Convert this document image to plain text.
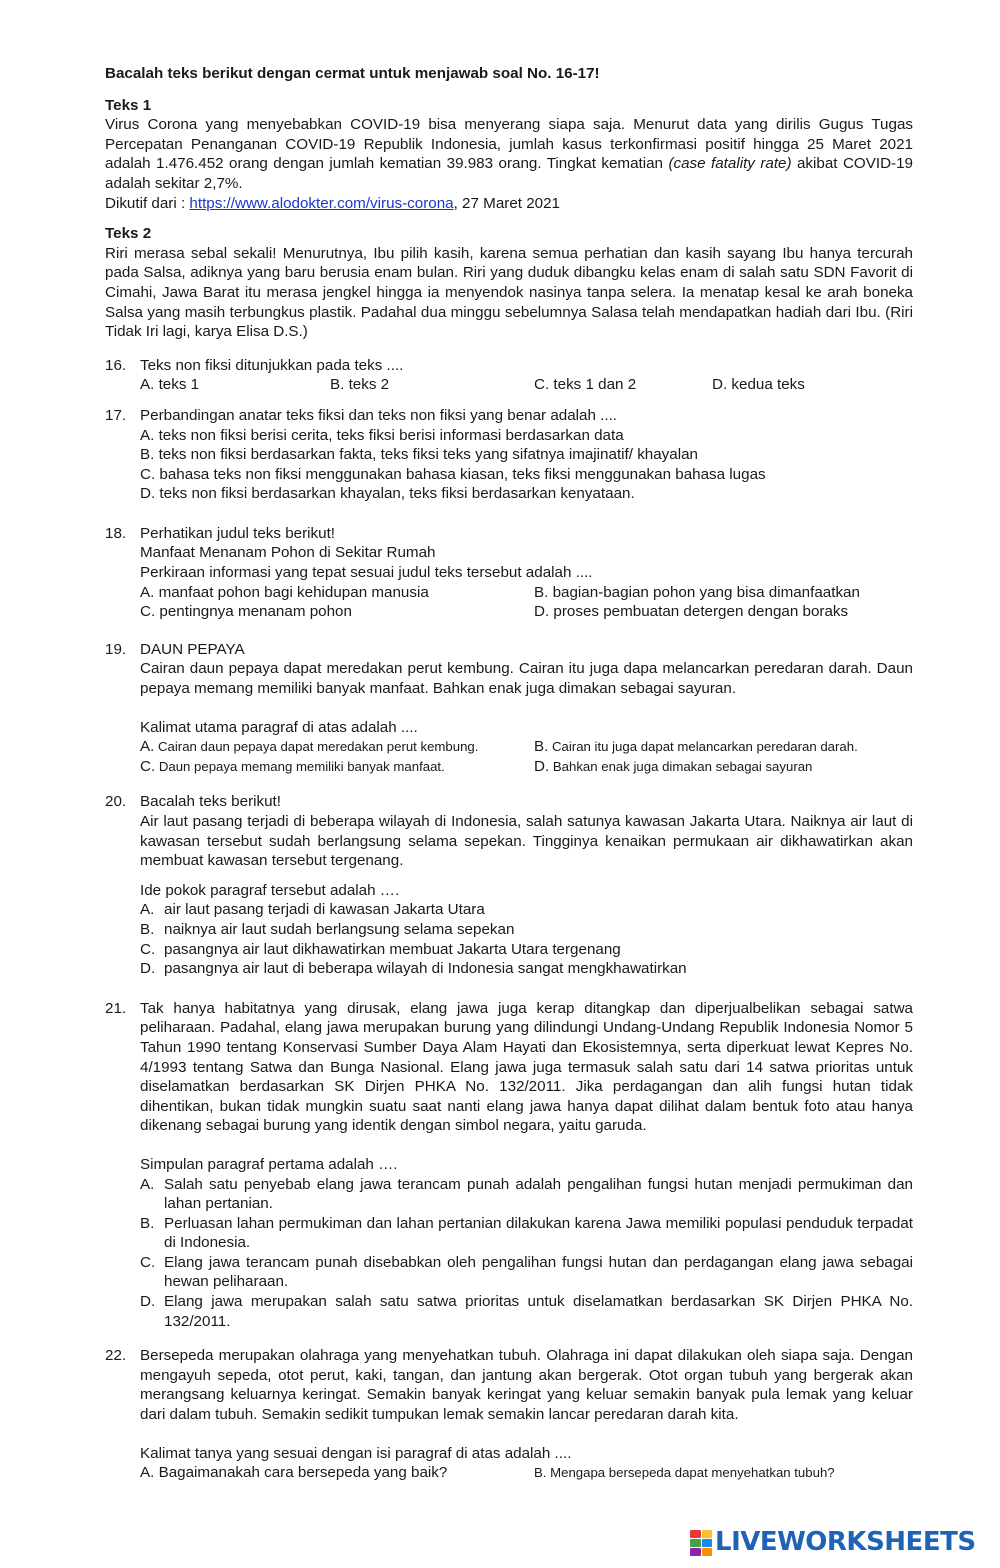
Bacalah teks berikut dengan cermat untuk menjawab soal No. 16-17!
Teks 1
Virus Corona yang menyebabkan COVID-19 bisa menyerang siapa saja. Menurut data yang dirilis Gugus Tugas Percepatan Penanganan COVID-19 Republik Indonesia, jumlah kasus terkonfirmasi positif hingga 25 Maret 2021 adalah 1.476.452 orang dengan jumlah kematian 39.983 orang. Tingkat kematian (case fatality rate) akibat COVID-19 adalah sekitar 2,7%.
Dikutif dari : https://www.alodokter.com/virus-corona, 27 Maret 2021
Teks 2
Riri merasa sebal sekali! Menurutnya, Ibu pilih kasih, karena semua perhatian dan kasih sayang Ibu hanya tercurah pada Salsa, adiknya yang baru berusia enam bulan. Riri yang duduk dibangku kelas enam di salah satu SDN Favorit di Cimahi, Jawa Barat itu merasa jengkel hingga ia menyendok nasinya tanpa selera. Ia menatap kesal ke arah boneka Salsa yang masih terbungkus plastik. Padahal dua minggu sebelumnya Salasa telah mendapatkan hadiah dari Ibu. (Riri Tidak Iri lagi, karya Elisa D.S.)
16. Teks non fiksi ditunjukkan pada teks ....
A. teks 1	B. teks 2	C. teks 1 dan 2	D. kedua teks
17. Perbandingan anatar teks fiksi dan teks non fiksi yang benar adalah ....
A. teks non fiksi berisi cerita, teks fiksi berisi informasi berdasarkan data
B. teks non fiksi berdasarkan fakta, teks fiksi teks yang sifatnya imajinatif/ khayalan
C. bahasa teks non fiksi menggunakan bahasa kiasan, teks fiksi menggunakan bahasa lugas
D. teks non fiksi berdasarkan khayalan, teks fiksi berdasarkan kenyataan.
18. Perhatikan judul teks berikut!
Manfaat Menanam Pohon di Sekitar Rumah
Perkiraan informasi yang tepat sesuai judul teks tersebut adalah ....
A. manfaat pohon bagi kehidupan manusia	B. bagian-bagian pohon yang bisa dimanfaatkan
C. pentingnya menanam pohon	D. proses pembuatan detergen dengan boraks
19. DAUN PEPAYA
Cairan daun pepaya dapat meredakan perut kembung. Cairan itu juga dapa melancarkan peredaran darah. Daun pepaya memang memiliki banyak manfaat. Bahkan enak juga dimakan sebagai sayuran.
Kalimat utama paragraf di atas adalah ....
A. Cairan daun pepaya dapat meredakan perut kembung.	B. Cairan itu juga dapat melancarkan peredaran darah.
C. Daun pepaya memang memiliki banyak manfaat.	D. Bahkan enak juga dimakan sebagai sayuran
20. Bacalah teks berikut!
Air laut pasang terjadi di beberapa wilayah di Indonesia, salah satunya kawasan Jakarta Utara. Naiknya air laut di kawasan tersebut sudah berlangsung selama sepekan. Tingginya kenaikan permukaan air dikhawatirkan akan membuat kawasan tersebut tergenang.
Ide pokok paragraf tersebut adalah ….
A. air laut pasang terjadi di kawasan Jakarta Utara
B. naiknya air laut sudah berlangsung selama sepekan
C. pasangnya air laut dikhawatirkan membuat Jakarta Utara tergenang
D. pasangnya air laut di beberapa wilayah di Indonesia sangat mengkhawatirkan
21. Tak hanya habitatnya yang dirusak, elang jawa juga kerap ditangkap dan diperjualbelikan sebagai satwa peliharaan. Padahal, elang jawa merupakan burung yang dilindungi Undang-Undang Republik Indonesia Nomor 5 Tahun 1990 tentang Konservasi Sumber Daya Alam Hayati dan Ekosistemnya, serta diperkuat lewat Kepres No. 4/1993 tentang Satwa dan Bunga Nasional. Elang jawa juga termasuk salah satu dari 14 satwa prioritas untuk diselamatkan berdasarkan SK Dirjen PHKA No. 132/2011. Jika perdagangan dan alih fungsi hutan tidak dihentikan, bukan tidak mungkin suatu saat nanti elang jawa hanya dapat dilihat dalam bentuk foto atau hanya dikenang sebagai burung yang identik dengan simbol negara, yaitu garuda.
Simpulan paragraf pertama adalah ….
A. Salah satu penyebab elang jawa terancam punah adalah pengalihan fungsi hutan menjadi permukiman dan lahan pertanian.
B. Perluasan lahan permukiman dan lahan pertanian dilakukan karena Jawa memiliki populasi penduduk terpadat di Indonesia.
C. Elang jawa terancam punah disebabkan oleh pengalihan fungsi hutan dan perdagangan elang jawa sebagai hewan peliharaan.
D. Elang jawa merupakan salah satu satwa prioritas untuk diselamatkan berdasarkan SK Dirjen PHKA No. 132/2011.
22. Bersepeda merupakan olahraga yang menyehatkan tubuh. Olahraga ini dapat dilakukan oleh siapa saja. Dengan mengayuh sepeda, otot perut, kaki, tangan, dan jantung akan bergerak. Otot organ tubuh yang bergerak akan merangsang keluarnya keringat. Semakin banyak keringat yang keluar semakin banyak pula lemak yang keluar dari dalam tubuh. Semakin sedikit tumpukan lemak semakin lancar peredaran darah kita.
Kalimat tanya yang sesuai dengan isi paragraf di atas adalah ....
A. Bagaimanakah cara bersepeda yang baik?	B. Mengapa bersepeda dapat menyehatkan tubuh?
LIVEWORKSHEETS
